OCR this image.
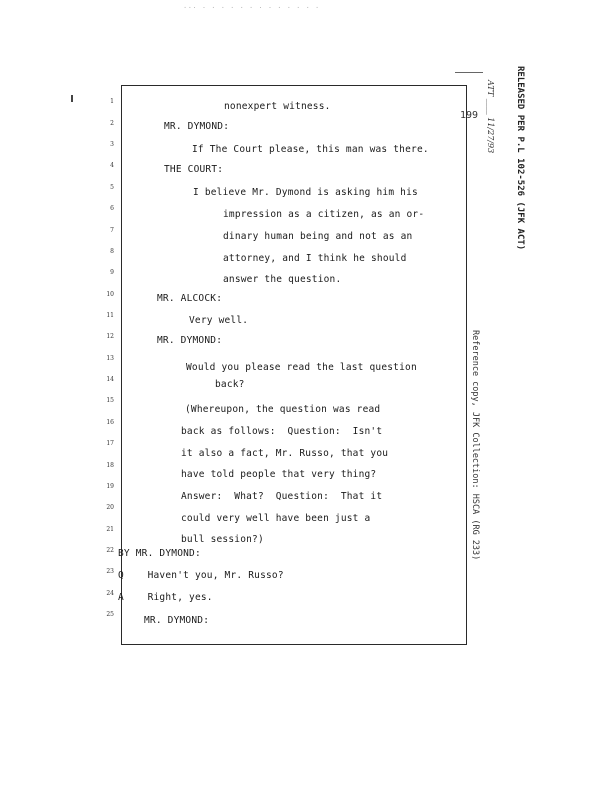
... . . . . . . . . . . . . .
199
1	nonexpert witness.
2	MR. DYMOND:
3	If The Court please, this man was there.
4	THE COURT:
5	I believe Mr. Dymond is asking him his
6
impression as a citizen, as an or-
7
dinary human being and not as an
8
attorney, and I think he should
9
answer the question.
10	MR. ALCOCK:
11	Very well.
12	MR. DYMOND:
13
Would you please read the last question
14	back?
15
(Whereupon, the question was read
16
back as follows:  Question:  Isn't
17
it also a fact, Mr. Russo, that you
18
have told people that very thing?
19
Answer:  What?  Question:  That it
20
could very well have been just a
21
bull session?)
22 BY MR. DYMOND:
23 Q    Haven't you, Mr. Russo?
24 A    Right, yes.
25
MR. DYMOND:
RELEASED PER P.L 102-526 (JFK ACT)
ATT ____ 11/27/93
Reference copy, JFK Collection: HSCA (RG 233)
